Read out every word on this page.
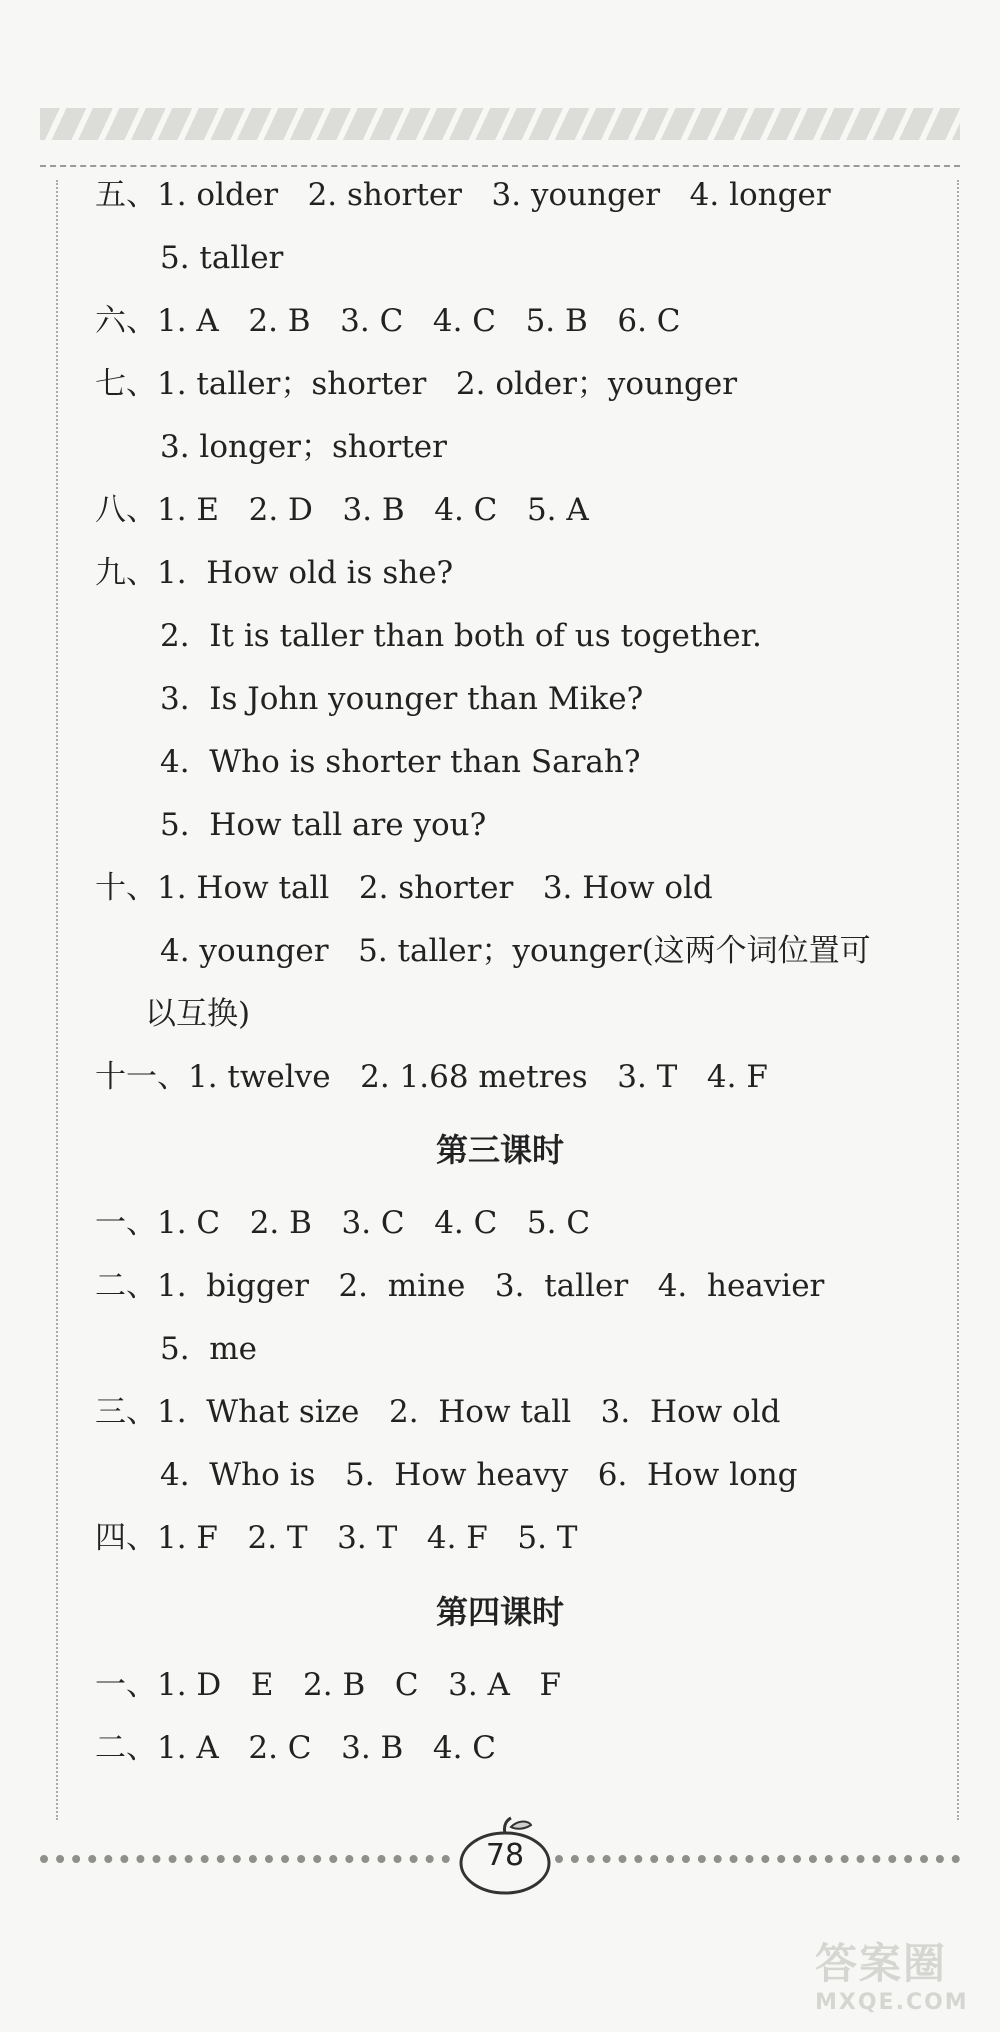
五、1. older   2. shorter   3. younger   4. longer
5. taller
六、1. A   2. B   3. C   4. C   5. B   6. C
七、1. taller；shorter   2. older；younger
3. longer；shorter
八、1. E   2. D   3. B   4. C   5. A
九、1.  How old is she?
2.  It is taller than both of us together.
3.  Is John younger than Mike?
4.  Who is shorter than Sarah?
5.  How tall are you?
十、1. How tall   2. shorter   3. How old
4. younger   5. taller；younger(这两个词位置可
以互换)
十一、1. twelve   2. 1.68 metres   3. T   4. F
第三课时
一、1. C   2. B   3. C   4. C   5. C
二、1.  bigger   2.  mine   3.  taller   4.  heavier
5.  me
三、1.  What size   2.  How tall   3.  How old
4.  Who is   5.  How heavy   6.  How long
四、1. F   2. T   3. T   4. F   5. T
第四课时
一、1. D   E   2. B   C   3. A   F
二、1. A   2. C   3. B   4. C
78
答案圈
MXQE.COM
